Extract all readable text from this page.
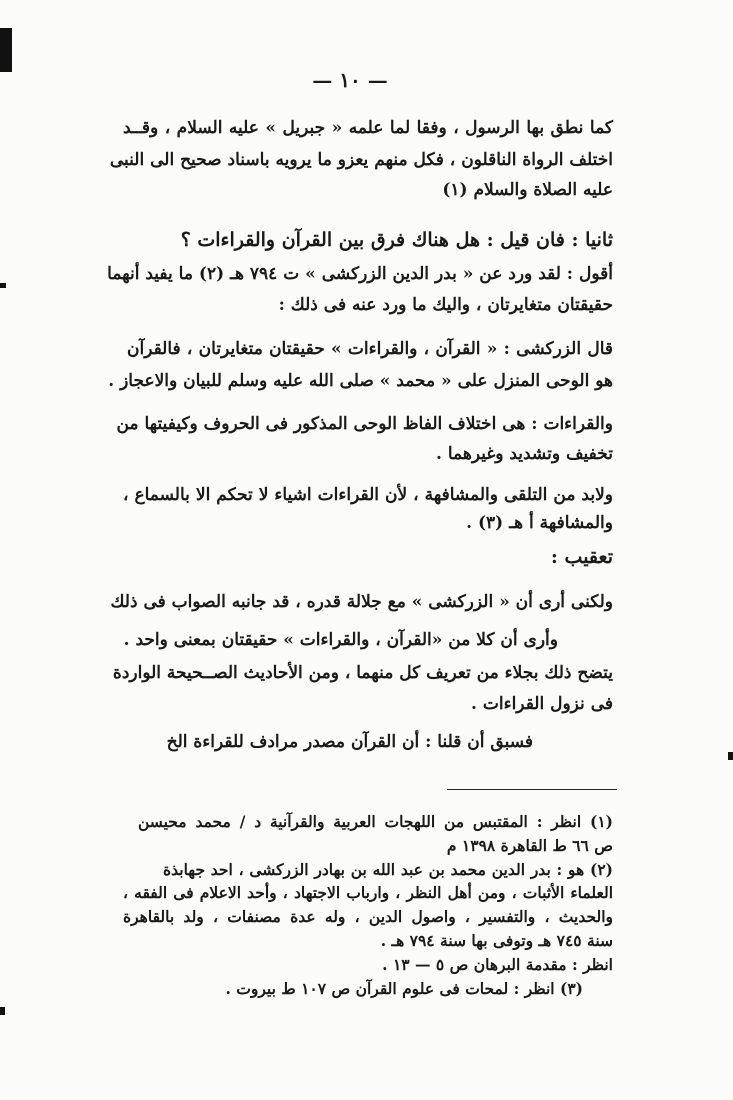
— ١٠ —
كما نطق بها الرسول ، وفقا لما علمه « جبريل » عليه السلام ، وقــد
اختلف الرواة الناقلون ، فكل منهم يعزو ما يرويه باسناد صحيح الى النبى
عليه الصلاة والسلام (١)
ثانيا : فان قيل : هل هناك فرق بين القرآن والقراءات ؟
أقول : لقد ورد عن « بدر الدين الزركشى » ت ٧٩٤ هـ (٢) ما يفيد أنهما
حقيقتان متغايرتان ، واليك ما ورد عنه فى ذلك :
قال الزركشى : « القرآن ، والقراءات » حقيقتان متغايرتان ، فالقرآن
هو الوحى المنزل على « محمد » صلى الله عليه وسلم للبيان والاعجاز .
والقراءات : هى اختلاف الفاظ الوحى المذكور فى الحروف وكيفيتها من
تخفيف وتشديد وغيرهما .
ولابد من التلقى والمشافهة ، لأن القراءات اشياء لا تحكم الا بالسماع ،
والمشافهة أ هـ (٣) .
تعقيب :
ولكنى أرى أن « الزركشى » مع جلالة قدره ، قد جانبه الصواب فى ذلك
وأرى أن كلا من «القرآن ، والقراءات » حقيقتان بمعنى واحد .
يتضح ذلك بجلاء من تعريف كل منهما ، ومن الأحاديث الصــحيحة الواردة
فى نزول القراءات .
فسبق أن قلنا : أن القرآن مصدر مرادف للقراءة الخ
(١) انظر : المقتبس من اللهجات العربية والقرآنية د / محمد محيسن
ص ٦٦ ط القاهرة ١٣٩٨ م
(٢) هو : بدر الدين محمد بن عبد الله بن بهادر الزركشى ، احد جهابذة
العلماء الأثبات ، ومن أهل النظر ، وارباب الاجتهاد ، وأحد الاعلام فى الفقه ،
والحديث ، والتفسير ، واصول الدين ، وله عدة مصنفات ، ولد بالقاهرة
سنة ٧٤٥ هـ وتوفى بها سنة ٧٩٤ هـ .
انظر : مقدمة البرهان ص ٥ — ١٣ .
(٣) انظر : لمحات فى علوم القرآن ص ١٠٧ ط بيروت .
